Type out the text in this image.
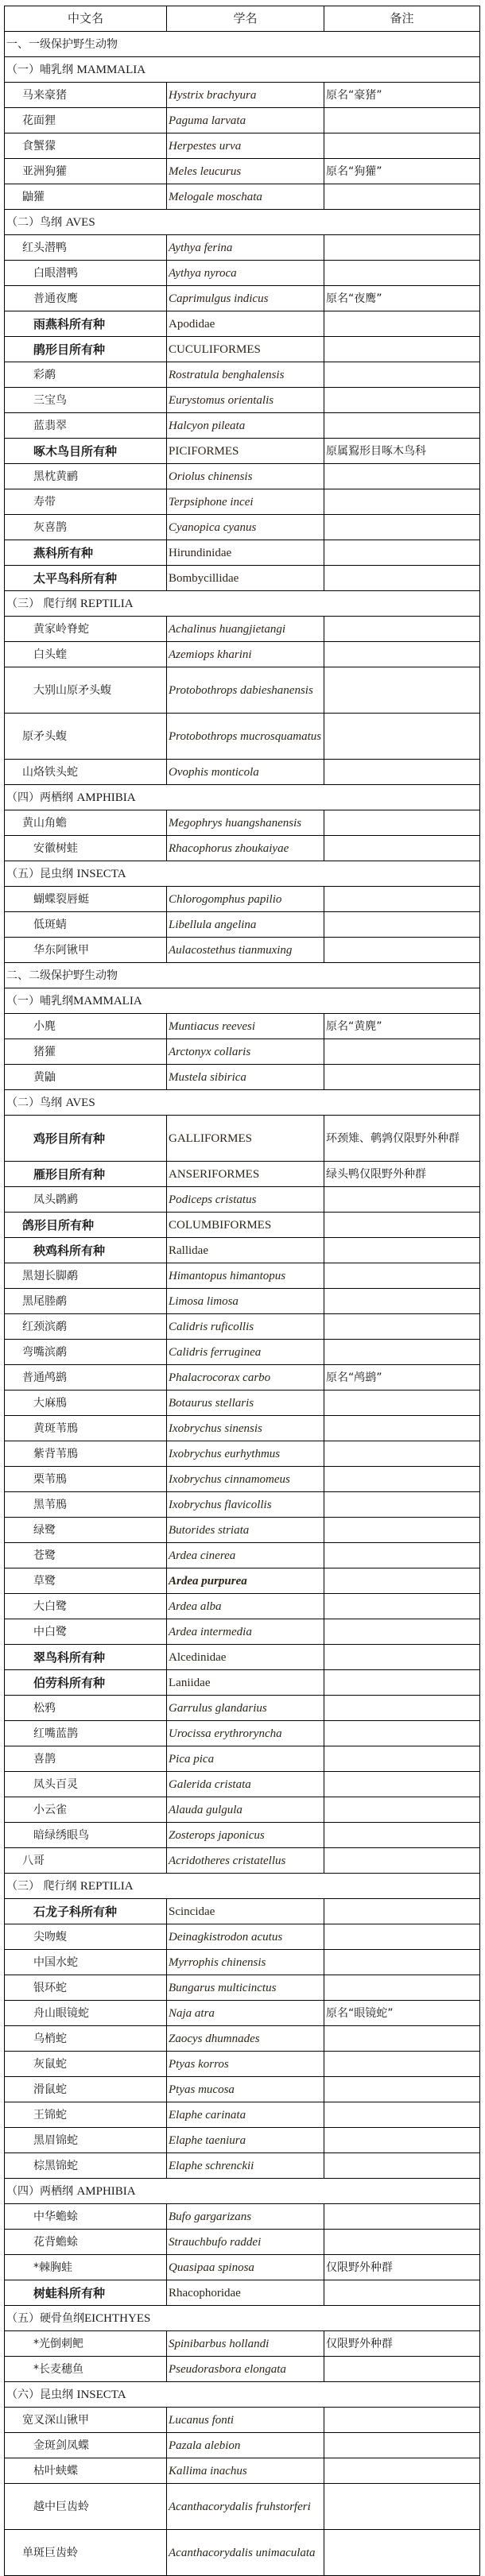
中文名	学名	备注
一、一级保护野生动物		
（一）哺乳纲 MAMMALIA		
马来豪猪	Hystrix brachyura	原名“豪猪”
花面狸	Paguma larvata	
食蟹獴	Herpestes urva	
亚洲狗獾	Meles leucurus	原名“狗獾”
鼬獾	Melogale moschata	
（二）鸟纲 AVES		
红头潜鸭	Aythya ferina	
白眼潜鸭	Aythya nyroca	
普通夜鹰	Caprimulgus indicus	原名“夜鹰”
雨燕科所有种	Apodidae	
鹃形目所有种	CUCULIFORMES	
彩鹬	Rostratula benghalensis	
三宝鸟	Eurystomus orientalis	
蓝翡翠	Halcyon pileata	
啄木鸟目所有种	PICIFORMES	原属鴷形目啄木鸟科
黑枕黄鹂	Oriolus chinensis	
寿带	Terpsiphone incei	
灰喜鹊	Cyanopica cyanus	
燕科所有种	Hirundinidae	
太平鸟科所有种	Bombycillidae	
（三） 爬行纲 REPTILIA		
黄家岭脊蛇	Achalinus huangjietangi	
白头蝰	Azemiops kharini	
大别山原矛头蝮	Protobothrops dabieshanensis	
原矛头蝮	Protobothrops mucrosquamatus	
山烙铁头蛇	Ovophis monticola	
（四）两栖纲 AMPHIBIA		
黄山角蟾	Megophrys huangshanensis	
安徽树蛙	Rhacophorus zhoukaiyae	
（五）昆虫纲 INSECTA		
蝴蝶裂唇蜓	Chlorogomphus papilio	
低斑蜻	Libellula angelina	
华东阿锹甲	Aulacostethus tianmuxing	
二、二级保护野生动物		
（一）哺乳纲MAMMALIA		
小麂	Muntiacus reevesi	原名“黄麂”
猪獾	Arctonyx collaris	
黄鼬	Mustela sibirica	
（二）鸟纲 AVES		
鸡形目所有种	GALLIFORMES	环颈雉、鹌鹑仅限野外种群
雁形目所有种	ANSERIFORMES	绿头鸭仅限野外种群
凤头䴙䴘	Podiceps cristatus	
鸽形目所有种	COLUMBIFORMES	
秧鸡科所有种	Rallidae	
黑翅长脚鹬	Himantopus himantopus	
黑尾塍鹬	Limosa limosa	
红颈滨鹬	Calidris ruficollis	
弯嘴滨鹬	Calidris ferruginea	
普通鸬鹚	Phalacrocorax carbo	原名“鸬鹚”
大麻鳽	Botaurus stellaris	
黄斑苇鳽	Ixobrychus sinensis	
紫背苇鳽	Ixobrychus eurhythmus	
栗苇鳽	Ixobrychus cinnamomeus	
黑苇鳽	Ixobrychus flavicollis	
绿鹭	Butorides striata	
苍鹭	Ardea cinerea	
草鹭	Ardea purpurea	
大白鹭	Ardea alba	
中白鹭	Ardea intermedia	
翠鸟科所有种	Alcedinidae	
伯劳科所有种	Laniidae	
松鸦	Garrulus glandarius	
红嘴蓝鹊	Urocissa erythroryncha	
喜鹊	Pica pica	
凤头百灵	Galerida cristata	
小云雀	Alauda gulgula	
暗绿绣眼鸟	Zosterops japonicus	
八哥	Acridotheres cristatellus	
（三） 爬行纲 REPTILIA		
石龙子科所有种	Scincidae	
尖吻蝮	Deinagkistrodon acutus	
中国水蛇	Myrrophis chinensis	
银环蛇	Bungarus multicinctus	
舟山眼镜蛇	Naja atra	原名“眼镜蛇”
乌梢蛇	Zaocys dhumnades	
灰鼠蛇	Ptyas korros	
滑鼠蛇	Ptyas mucosa	
王锦蛇	Elaphe carinata	
黑眉锦蛇	Elaphe taeniura	
棕黑锦蛇	Elaphe schrenckii	
（四）两栖纲 AMPHIBIA		
中华蟾蜍	Bufo gargarizans	
花背蟾蜍	Strauchbufo raddei	
*棘胸蛙	Quasipaa spinosa	仅限野外种群
树蛙科所有种	Rhacophoridae	
（五）硬骨鱼纲EICHTHYES		
*光倒刺鲃	Spinibarbus hollandi	仅限野外种群
*长麦穗鱼	Pseudorasbora elongata	
（六）昆虫纲 INSECTA		
宽叉深山锹甲	Lucanus fonti	
金斑剑凤蝶	Pazala alebion	
枯叶蛱蝶	Kallima inachus	
越中巨齿蛉	Acanthacorydalis fruhstorferi	
单斑巨齿蛉	Acanthacorydalis unimaculata	
